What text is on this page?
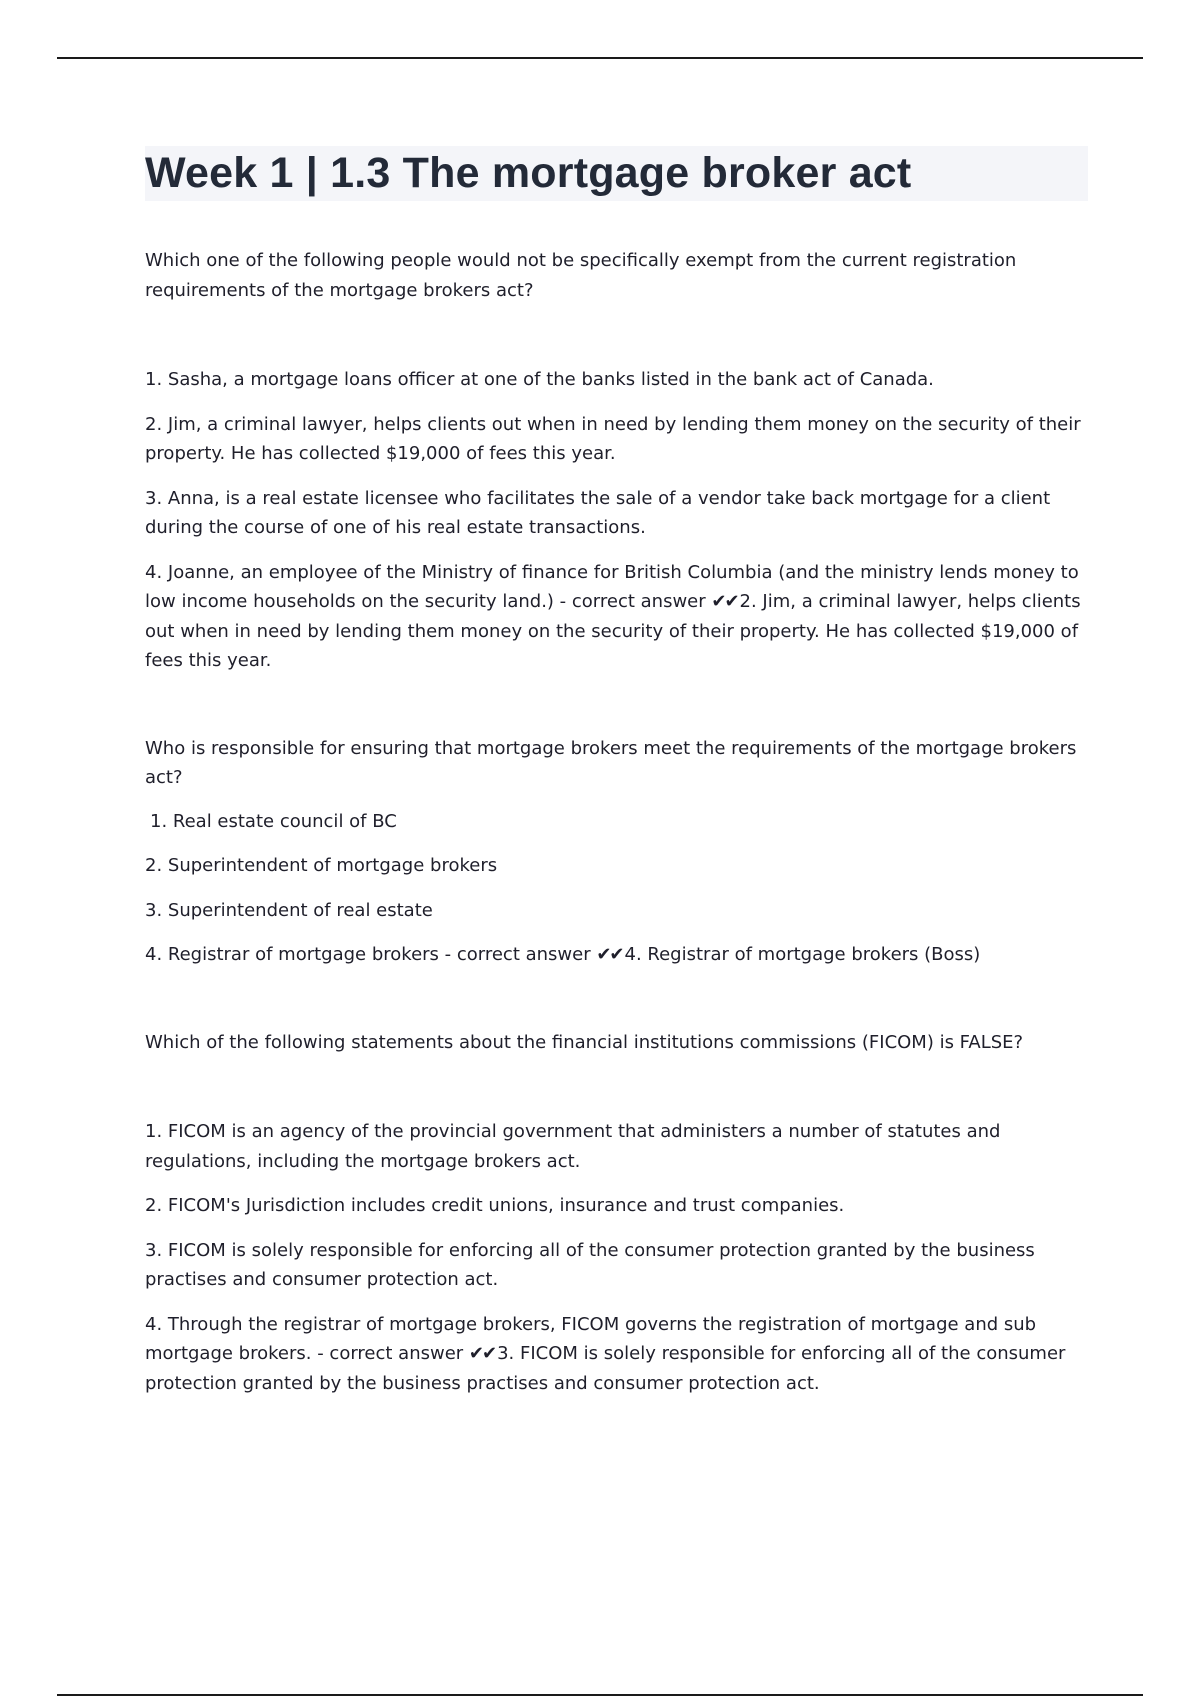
Week 1 | 1.3 The mortgage broker act

Which one of the following people would not be specifically exempt from the current registration requirements of the mortgage brokers act?

1. Sasha, a mortgage loans officer at one of the banks listed in the bank act of Canada.

2. Jim, a criminal lawyer, helps clients out when in need by lending them money on the security of their property. He has collected $19,000 of fees this year.

3. Anna, is a real estate licensee who facilitates the sale of a vendor take back mortgage for a client during the course of one of his real estate transactions.

4. Joanne, an employee of the Ministry of finance for British Columbia (and the ministry lends money to low income households on the security land.) - correct answer ✔✔ 2. Jim, a criminal lawyer, helps clients out when in need by lending them money on the security of their property. He has collected $19,000 of fees this year.

Who is responsible for ensuring that mortgage brokers meet the requirements of the mortgage brokers act?

1. Real estate council of BC

2. Superintendent of mortgage brokers

3. Superintendent of real estate

4. Registrar of mortgage brokers - correct answer ✔✔ 4. Registrar of mortgage brokers (Boss)

Which of the following statements about the financial institutions commissions (FICOM) is FALSE?

1. FICOM is an agency of the provincial government that administers a number of statutes and regulations, including the mortgage brokers act.

2. FICOM's Jurisdiction includes credit unions, insurance and trust companies.

3. FICOM is solely responsible for enforcing all of the consumer protection granted by the business practises and consumer protection act.

4. Through the registrar of mortgage brokers, FICOM governs the registration of mortgage and sub mortgage brokers. - correct answer ✔✔ 3. FICOM is solely responsible for enforcing all of the consumer protection granted by the business practises and consumer protection act.
